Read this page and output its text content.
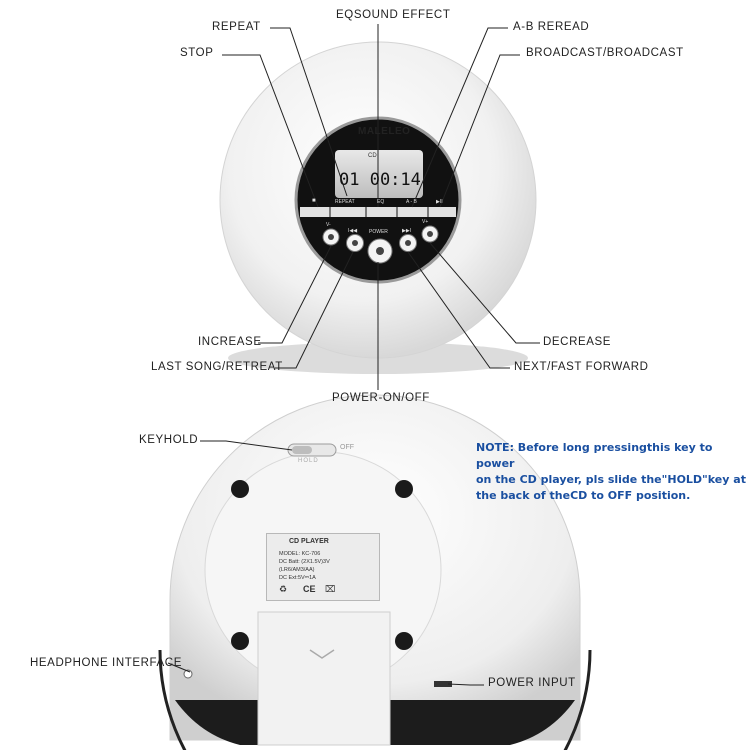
REPEAT
STOP
EQSOUND EFFECT
A-B REREAD
BROADCAST/BROADCAST
INCREASE
LAST SONG/RETREAT
POWER-ON/OFF
DECREASE
NEXT/FAST FORWARD
KEYHOLD
HEADPHONE INTERFACE
POWER INPUT
NOTE: Before long pressingthis key to power
on the CD player, pls slide the"HOLD"key at
the back of theCD to OFF position.
MALELEO
CD
01 00:14
■	REPEAT	EQ	A - B	▶II
I◀◀ POWER	▶▶I
V-	V+
OFF
HOLD
CD PLAYER
MODEL: KC-706
DC Batt: (2X1.5V)3V
(LR6/AM3/AA)
DC Ext:5V⎓1A
CE
♻	⌧
